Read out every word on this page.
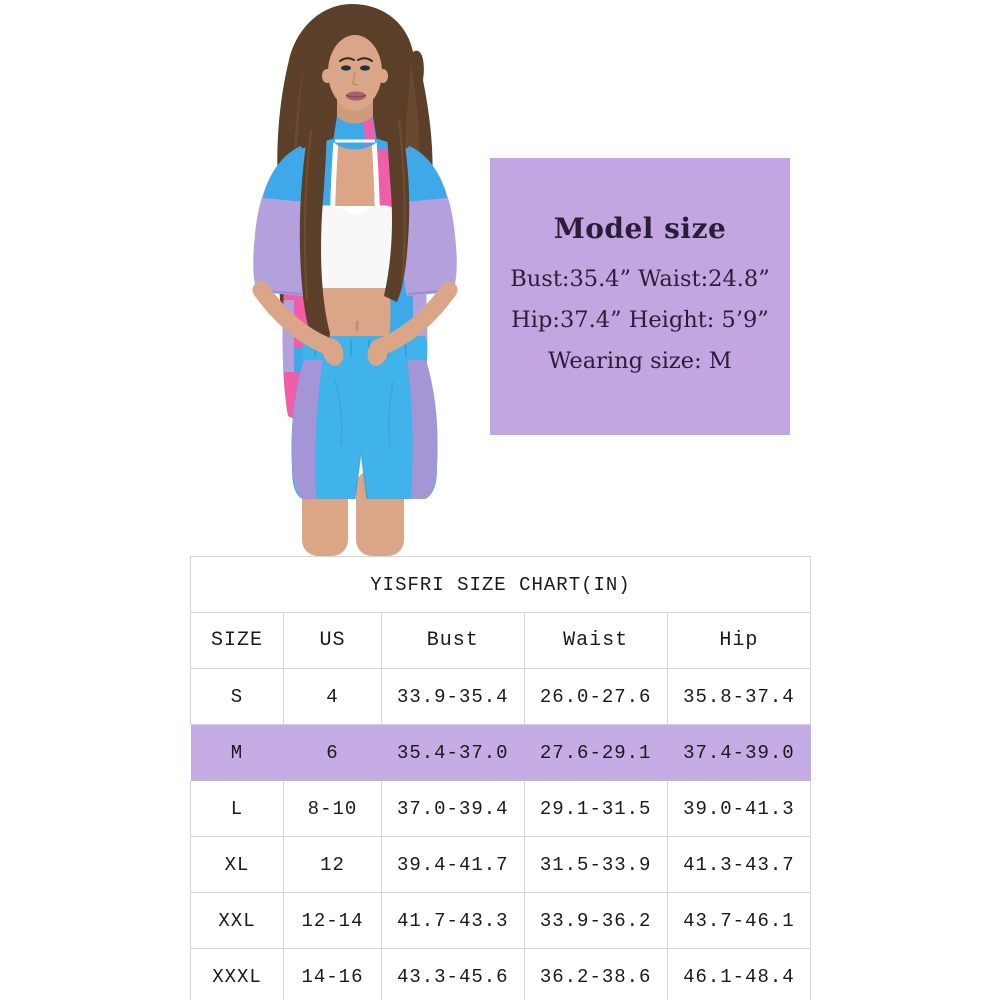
Model size
Bust:35.4” Waist:24.8”
Hip:37.4” Height: 5’9”
Wearing size: M
YISFRI SIZE CHART(IN)				
SIZE	US	Bust	Waist	Hip
S	4	33.9-35.4	26.0-27.6	35.8-37.4
M	6	35.4-37.0	27.6-29.1	37.4-39.0
L	8-10	37.0-39.4	29.1-31.5	39.0-41.3
XL	12	39.4-41.7	31.5-33.9	41.3-43.7
XXL	12-14	41.7-43.3	33.9-36.2	43.7-46.1
XXXL	14-16	43.3-45.6	36.2-38.6	46.1-48.4
